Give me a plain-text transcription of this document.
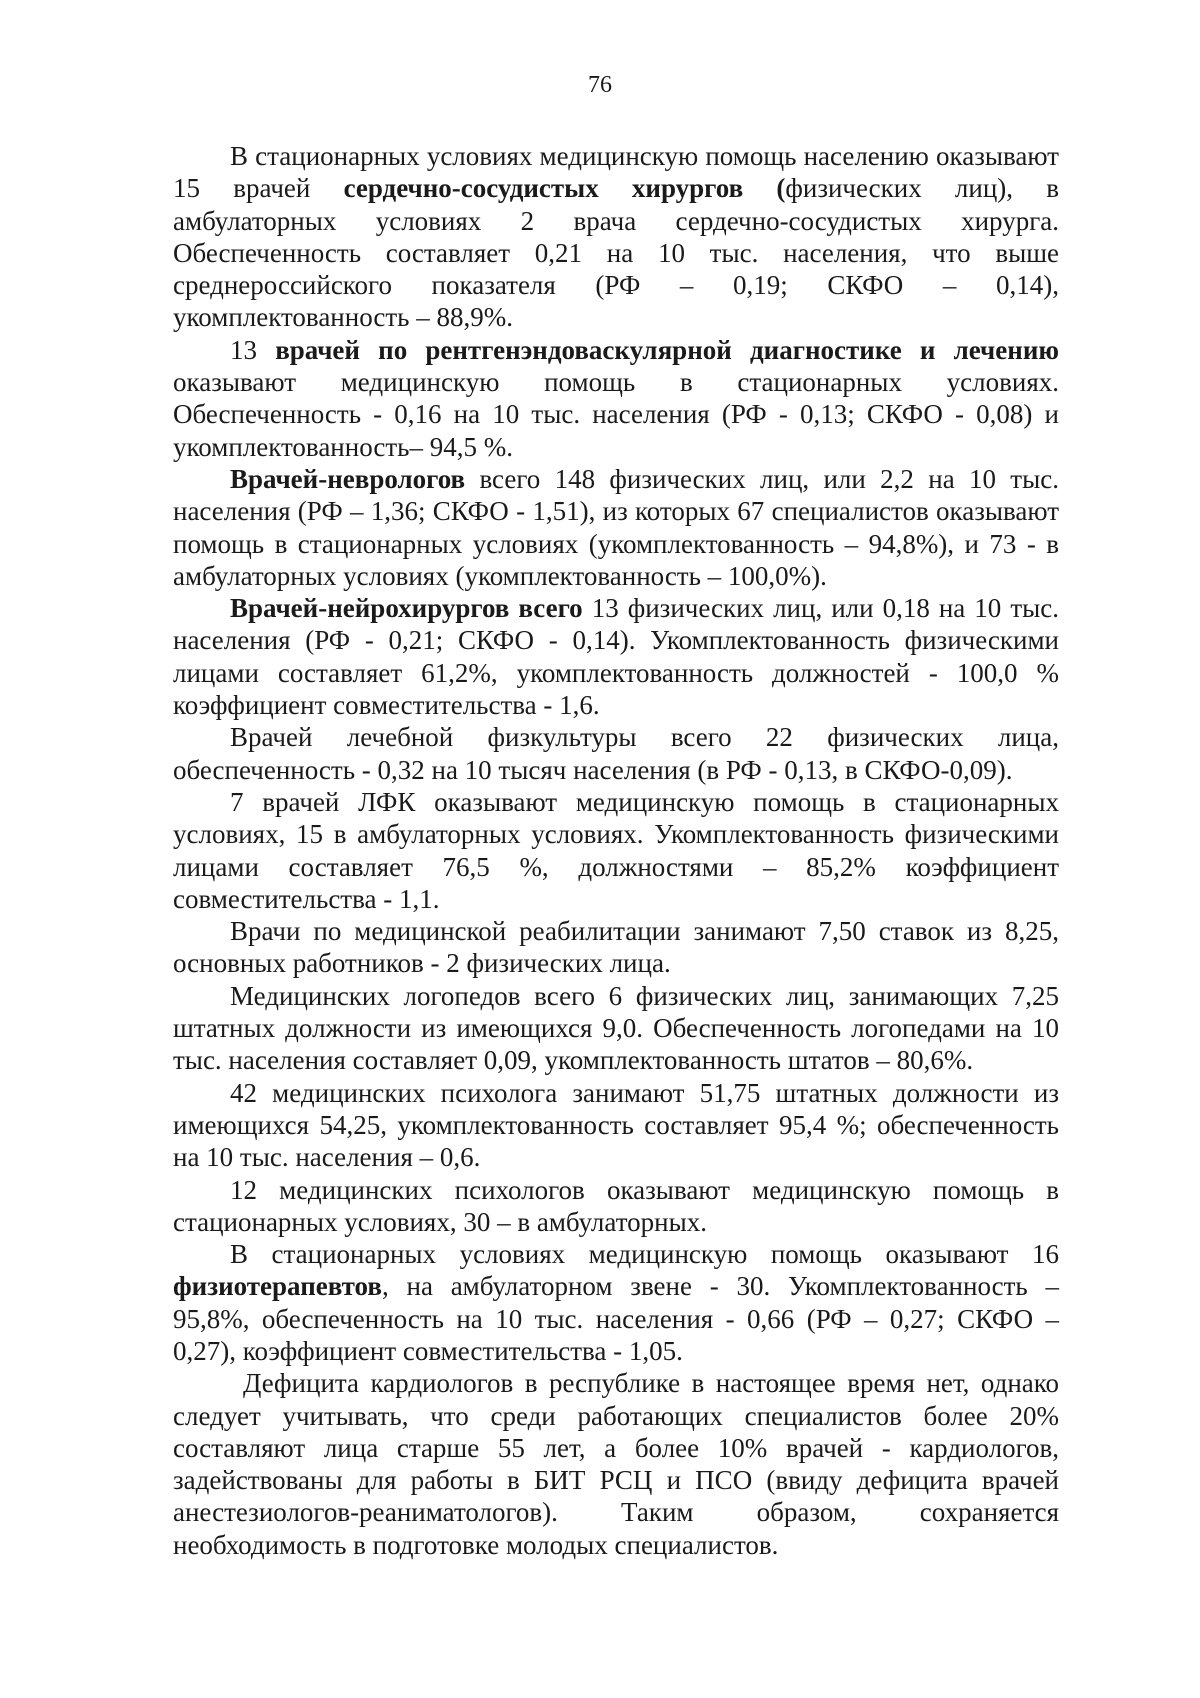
76

В стационарных условиях медицинскую помощь населению оказывают 15 врачей сердечно-сосудистых хирургов (физических лиц), в амбулаторных условиях 2 врача сердечно-сосудистых хирурга. Обеспеченность составляет 0,21 на 10 тыс. населения, что выше среднероссийского показателя (РФ – 0,19; СКФО – 0,14), укомплектованность – 88,9%.

13 врачей по рентгенэндоваскулярной диагностике и лечению оказывают медицинскую помощь в стационарных условиях. Обеспеченность - 0,16 на 10 тыс. населения (РФ - 0,13; СКФО - 0,08) и укомплектованность– 94,5 %.

Врачей-неврологов всего 148 физических лиц, или 2,2 на 10 тыс. населения (РФ – 1,36; СКФО - 1,51), из которых 67 специалистов оказывают помощь в стационарных условиях (укомплектованность – 94,8%), и 73 - в амбулаторных условиях (укомплектованность – 100,0%).

Врачей-нейрохирургов всего 13 физических лиц, или 0,18 на 10 тыс. населения (РФ - 0,21; СКФО - 0,14). Укомплектованность физическими лицами составляет 61,2%, укомплектованность должностей - 100,0 % коэффициент совместительства - 1,6.

Врачей лечебной физкультуры всего 22 физических лица, обеспеченность - 0,32 на 10 тысяч населения (в РФ - 0,13, в СКФО-0,09).

7 врачей ЛФК оказывают медицинскую помощь в стационарных условиях, 15 в амбулаторных условиях. Укомплектованность физическими лицами составляет 76,5 %, должностями – 85,2% коэффициент совместительства - 1,1.

Врачи по медицинской реабилитации занимают 7,50 ставок из 8,25, основных работников - 2 физических лица.

Медицинских логопедов всего 6 физических лиц, занимающих 7,25 штатных должности из имеющихся 9,0. Обеспеченность логопедами на 10 тыс. населения составляет 0,09, укомплектованность штатов – 80,6%.

42 медицинских психолога занимают 51,75 штатных должности из имеющихся 54,25, укомплектованность составляет 95,4 %; обеспеченность на 10 тыс. населения – 0,6.

12 медицинских психологов оказывают медицинскую помощь в стационарных условиях, 30 – в амбулаторных.

В стационарных условиях медицинскую помощь оказывают 16 физиотерапевтов, на амбулаторном звене - 30. Укомплектованность – 95,8%, обеспеченность на 10 тыс. населения - 0,66 (РФ – 0,27; СКФО – 0,27), коэффициент совместительства - 1,05.

Дефицита кардиологов в республике в настоящее время нет, однако следует учитывать, что среди работающих специалистов более 20% составляют лица старше 55 лет, а более 10% врачей - кардиологов, задействованы для работы в БИТ РСЦ и ПСО (ввиду дефицита врачей анестезиологов-реаниматологов). Таким образом, сохраняется необходимость в подготовке молодых специалистов.
